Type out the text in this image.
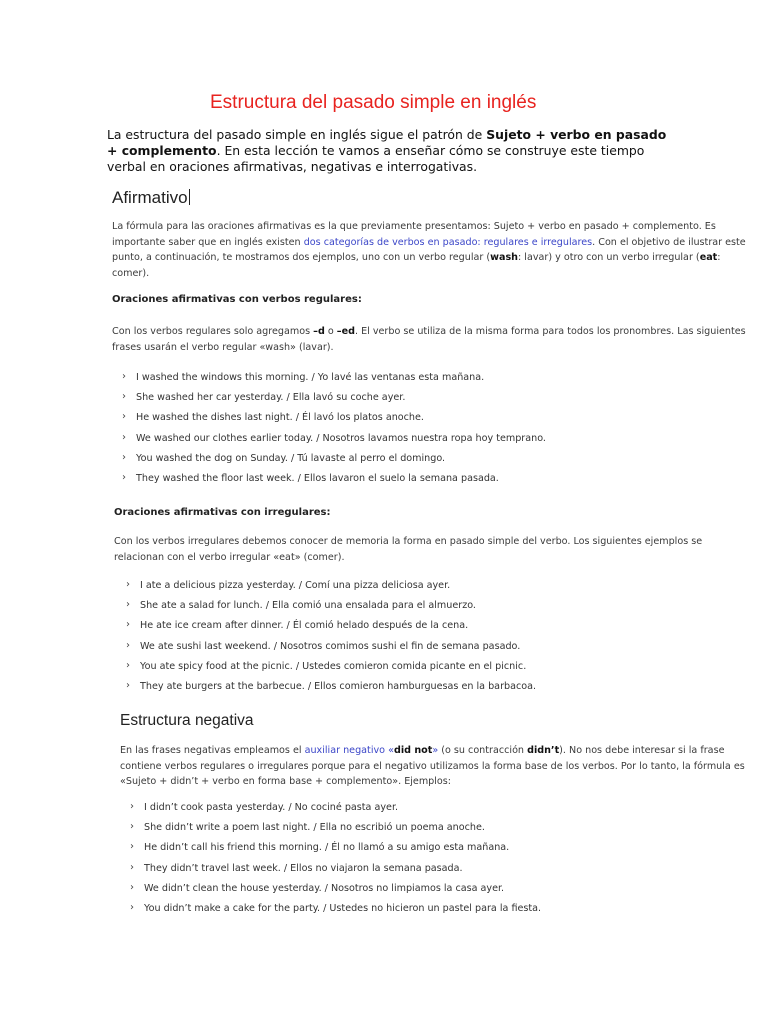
Estructura del pasado simple en inglés
La estructura del pasado simple en inglés sigue el patrón de Sujeto + verbo en pasado + complemento. En esta lección te vamos a enseñar cómo se construye este tiempo verbal en oraciones afirmativas, negativas e interrogativas.
Afirmativo
La fórmula para las oraciones afirmativas es la que previamente presentamos: Sujeto + verbo en pasado + complemento. Es importante saber que en inglés existen dos categorías de verbos en pasado: regulares e irregulares. Con el objetivo de ilustrar este punto, a continuación, te mostramos dos ejemplos, uno con un verbo regular (wash: lavar) y otro con un verbo irregular (eat: comer).
Oraciones afirmativas con verbos regulares:
Con los verbos regulares solo agregamos –d o –ed. El verbo se utiliza de la misma forma para todos los pronombres. Las siguientes frases usarán el verbo regular «wash» (lavar).
› I washed the windows this morning. / Yo lavé las ventanas esta mañana.
› She washed her car yesterday. / Ella lavó su coche ayer.
› He washed the dishes last night. / Él lavó los platos anoche.
› We washed our clothes earlier today. / Nosotros lavamos nuestra ropa hoy temprano.
› You washed the dog on Sunday. / Tú lavaste al perro el domingo.
› They washed the floor last week. / Ellos lavaron el suelo la semana pasada.
Oraciones afirmativas con irregulares:
Con los verbos irregulares debemos conocer de memoria la forma en pasado simple del verbo. Los siguientes ejemplos se relacionan con el verbo irregular «eat» (comer).
› I ate a delicious pizza yesterday. / Comí una pizza deliciosa ayer.
› She ate a salad for lunch. / Ella comió una ensalada para el almuerzo.
› He ate ice cream after dinner. / Él comió helado después de la cena.
› We ate sushi last weekend. / Nosotros comimos sushi el fin de semana pasado.
› You ate spicy food at the picnic. / Ustedes comieron comida picante en el picnic.
› They ate burgers at the barbecue. / Ellos comieron hamburguesas en la barbacoa.
Estructura negativa
En las frases negativas empleamos el auxiliar negativo «did not» (o su contracción didn’t). No nos debe interesar si la frase contiene verbos regulares o irregulares porque para el negativo utilizamos la forma base de los verbos. Por lo tanto, la fórmula es «Sujeto + didn’t + verbo en forma base + complemento». Ejemplos:
› I didn’t cook pasta yesterday. / No cociné pasta ayer.
› She didn’t write a poem last night. / Ella no escribió un poema anoche.
› He didn’t call his friend this morning. / Él no llamó a su amigo esta mañana.
› They didn’t travel last week. / Ellos no viajaron la semana pasada.
› We didn’t clean the house yesterday. / Nosotros no limpiamos la casa ayer.
› You didn’t make a cake for the party. / Ustedes no hicieron un pastel para la fiesta.
